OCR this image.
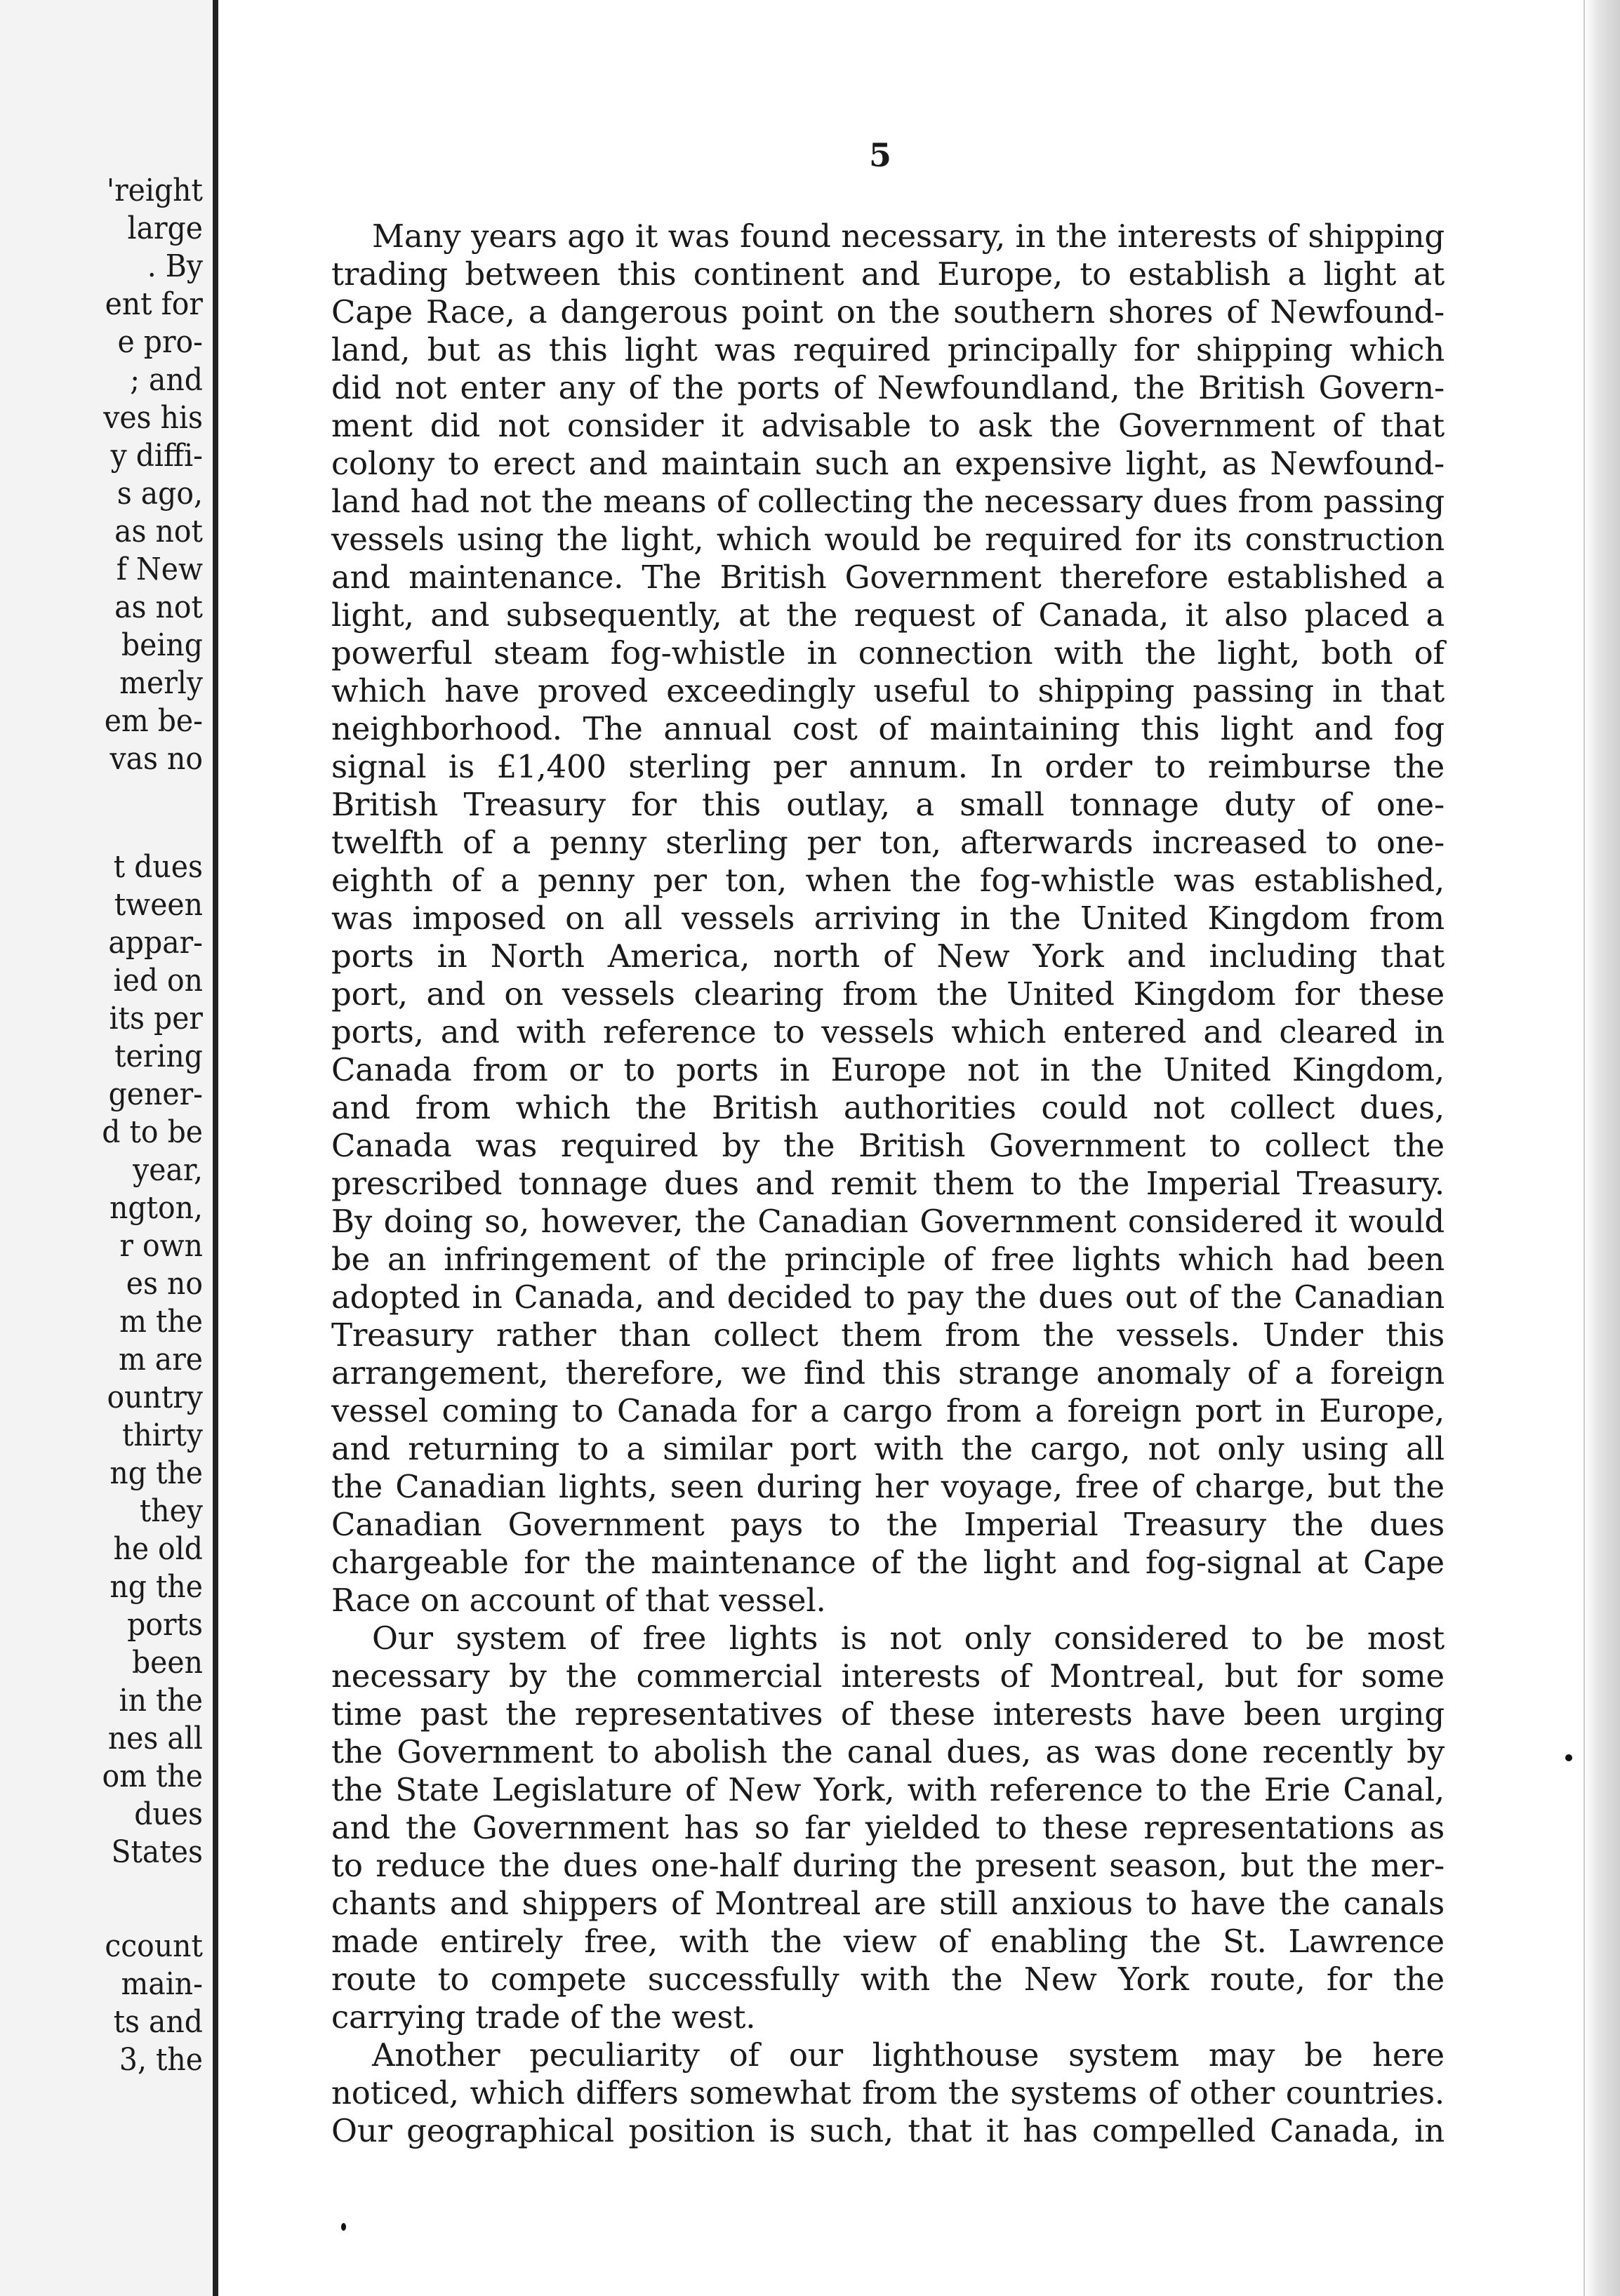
'reight
large
. By
ent for
e pro-
; and
ves his
y diffi-
s ago,
as not
f New
as not
being
merly
em be-
vas no
t dues
tween
appar-
ied on
its per
tering
gener-
d to be
year,
ngton,
r own
es no
m the
m are
ountry
thirty
ng the
they
he old
ng the
ports
been
in the
nes all
om the
dues
States
ccount
main-
ts and
3, the
5
Many years ago it was found necessary, in the interests of shipping
trading between this continent and Europe, to establish a light at
Cape Race, a dangerous point on the southern shores of Newfound-
land, but as this light was required principally for shipping which
did not enter any of the ports of Newfoundland, the British Govern-
ment did not consider it advisable to ask the Government of that
colony to erect and maintain such an expensive light, as Newfound-
land had not the means of collecting the necessary dues from passing
vessels using the light, which would be required for its construction
and maintenance. The British Government therefore established a
light, and subsequently, at the request of Canada, it also placed a
powerful steam fog-whistle in connection with the light, both of
which have proved exceedingly useful to shipping passing in that
neighborhood. The annual cost of maintaining this light and fog
signal is £1,400 sterling per annum. In order to reimburse the
British Treasury for this outlay, a small tonnage duty of one-
twelfth of a penny sterling per ton, afterwards increased to one-
eighth of a penny per ton, when the fog-whistle was established,
was imposed on all vessels arriving in the United Kingdom from
ports in North America, north of New York and including that
port, and on vessels clearing from the United Kingdom for these
ports, and with reference to vessels which entered and cleared in
Canada from or to ports in Europe not in the United Kingdom,
and from which the British authorities could not collect dues,
Canada was required by the British Government to collect the
prescribed tonnage dues and remit them to the Imperial Treasury.
By doing so, however, the Canadian Government considered it would
be an infringement of the principle of free lights which had been
adopted in Canada, and decided to pay the dues out of the Canadian
Treasury rather than collect them from the vessels. Under this
arrangement, therefore, we find this strange anomaly of a foreign
vessel coming to Canada for a cargo from a foreign port in Europe,
and returning to a similar port with the cargo, not only using all
the Canadian lights, seen during her voyage, free of charge, but the
Canadian Government pays to the Imperial Treasury the dues
chargeable for the maintenance of the light and fog-signal at Cape
Race on account of that vessel.
Our system of free lights is not only considered to be most
necessary by the commercial interests of Montreal, but for some
time past the representatives of these interests have been urging
the Government to abolish the canal dues, as was done recently by
the State Legislature of New York, with reference to the Erie Canal,
and the Government has so far yielded to these representations as
to reduce the dues one-half during the present season, but the mer-
chants and shippers of Montreal are still anxious to have the canals
made entirely free, with the view of enabling the St. Lawrence
route to compete successfully with the New York route, for the
carrying trade of the west.
Another peculiarity of our lighthouse system may be here
noticed, which differs somewhat from the systems of other countries.
Our geographical position is such, that it has compelled Canada, in
